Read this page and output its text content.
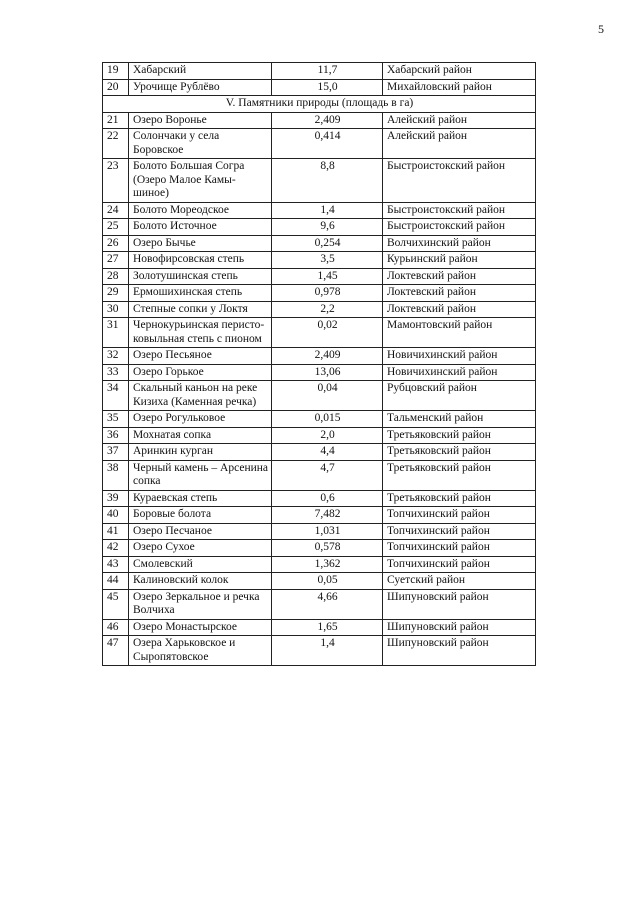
5
19	Хабарский	11,7	Хабарский район
20	Урочище Рублёво	15,0	Михайловский район
V. Памятники природы (площадь в га)			
21	Озеро Воронье	2,409	Алейский район
22	Солончаки у села Боровское	0,414	Алейский район
23	Болото Большая Согра (Озеро Малое Камы-шиное)	8,8	Быстроистокский район
24	Болото Мореодское	1,4	Быстроистокский район
25	Болото Источное	9,6	Быстроистокский район
26	Озеро Бычье	0,254	Волчихинский район
27	Новофирсовская степь	3,5	Курьинский район
28	Золотушинская степь	1,45	Локтевский район
29	Ермошихинская степь	0,978	Локтевский район
30	Степные сопки у Локтя	2,2	Локтевский район
31	Чернокурьинская перисто-ковыльная степь с пионом	0,02	Мамонтовский район
32	Озеро Песьяное	2,409	Новичихинский район
33	Озеро Горькое	13,06	Новичихинский район
34	Скальный каньон на реке Кизиха (Каменная речка)	0,04	Рубцовский район
35	Озеро Рогульковое	0,015	Тальменский район
36	Мохнатая сопка	2,0	Третьяковский район
37	Аринкин курган	4,4	Третьяковский район
38	Черный камень – Арсенина сопка	4,7	Третьяковский район
39	Кураевская степь	0,6	Третьяковский район
40	Боровые болота	7,482	Топчихинский район
41	Озеро Песчаное	1,031	Топчихинский район
42	Озеро Сухое	0,578	Топчихинский район
43	Смолевский	1,362	Топчихинский район
44	Калиновский колок	0,05	Суетский район
45	Озеро Зеркальное и речка Волчиха	4,66	Шипуновский район
46	Озеро Монастырское	1,65	Шипуновский район
47	Озера Харьковское и Сыропятовское	1,4	Шипуновский район
